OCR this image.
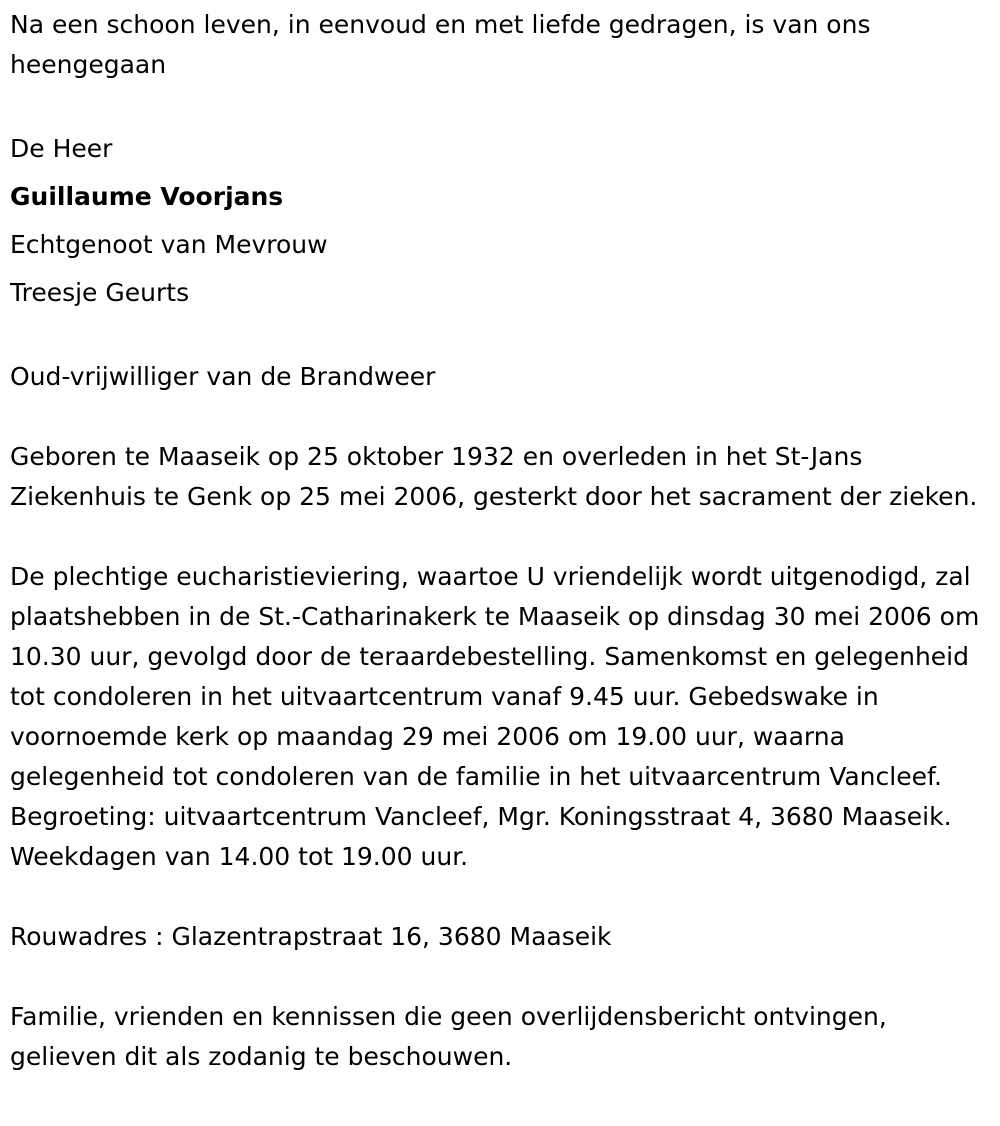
Na een schoon leven, in eenvoud en met liefde gedragen, is van ons heengegaan

De Heer
Guillaume Voorjans
Echtgenoot van Mevrouw
Treesje Geurts

Oud-vrijwilliger van de Brandweer

Geboren te Maaseik op 25 oktober 1932 en overleden in het St-Jans Ziekenhuis te Genk op 25 mei 2006, gesterkt door het sacrament der zieken.

De plechtige eucharistieviering, waartoe U vriendelijk wordt uitgenodigd, zal plaatshebben in de St.-Catharinakerk te Maaseik op dinsdag 30 mei 2006 om 10.30 uur, gevolgd door de teraardebestelling. Samenkomst en gelegenheid tot condoleren in het uitvaartcentrum vanaf 9.45 uur. Gebedswake in voornoemde kerk op maandag 29 mei 2006 om 19.00 uur, waarna gelegenheid tot condoleren van de familie in het uitvaarcentrum Vancleef. Begroeting: uitvaartcentrum Vancleef, Mgr. Koningsstraat 4, 3680 Maaseik. Weekdagen van 14.00 tot 19.00 uur.

Rouwadres : Glazentrapstraat 16, 3680 Maaseik

Familie, vrienden en kennissen die geen overlijdensbericht ontvingen, gelieven dit als zodanig te beschouwen.
